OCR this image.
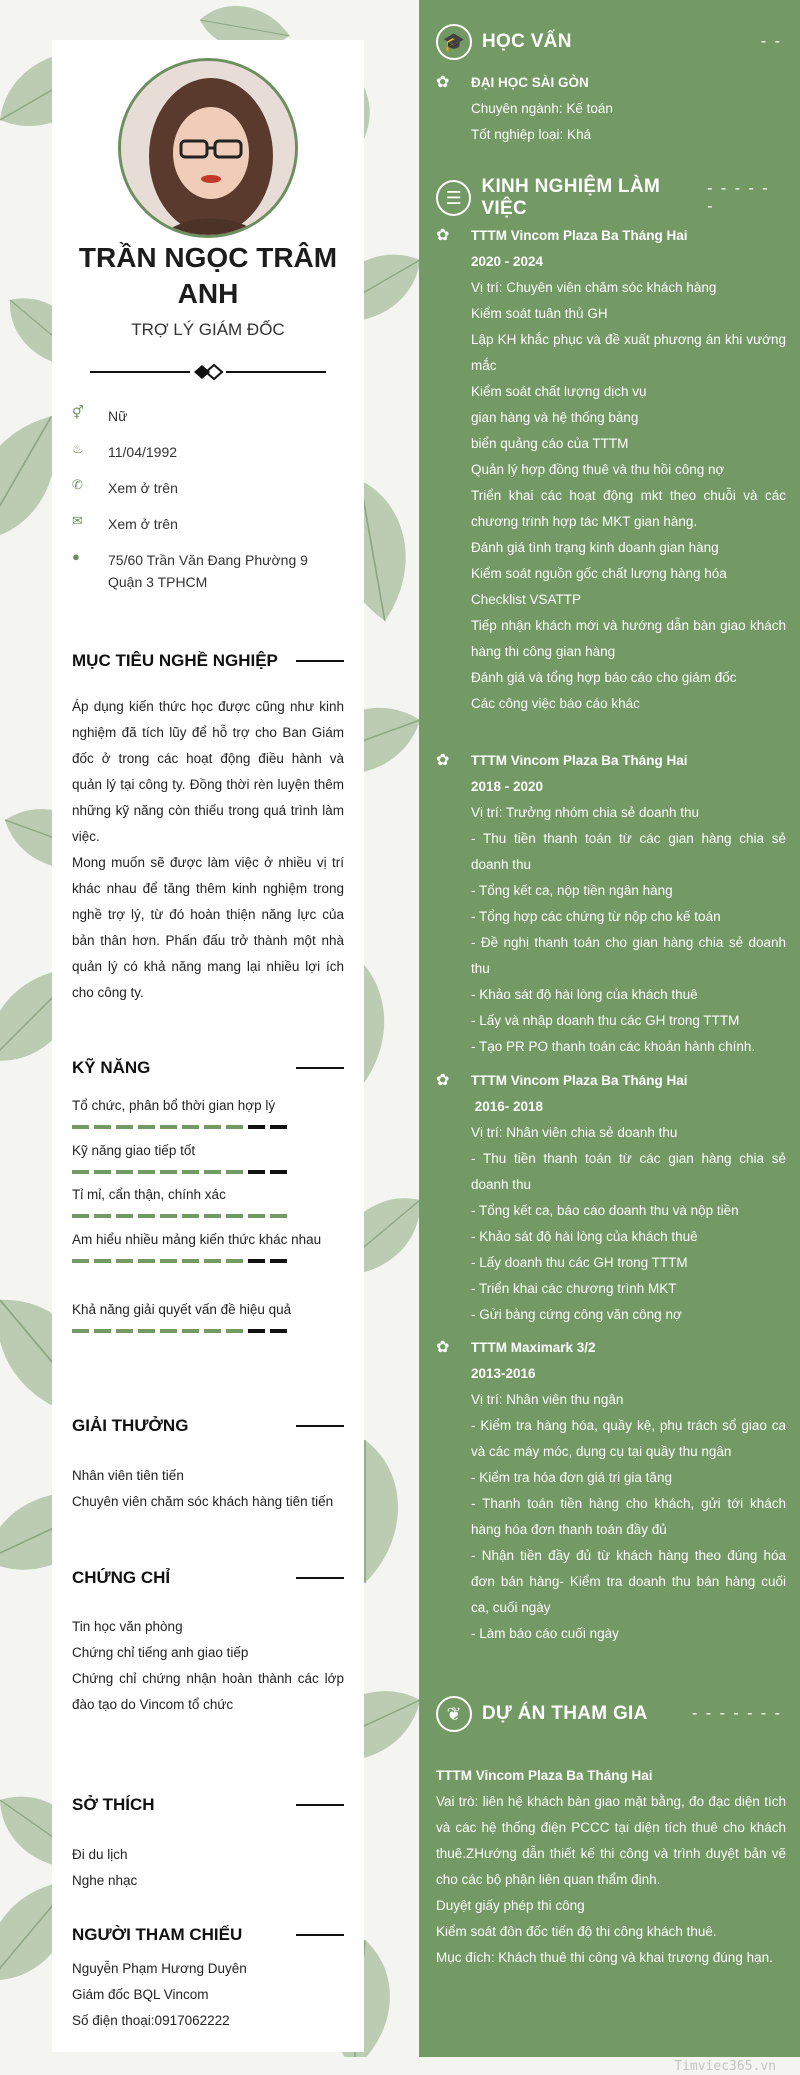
Timviec365.vn
TRẦN NGỌC TRÂM ANH
TRỢ LÝ GIÁM ĐỐC
⚥	Nữ
♨	11/04/1992
✆	Xem ở trên
✉	Xem ở trên
●	75/60 Trần Văn Đang Phường 9
Quận 3 TPHCM
MỤC TIÊU NGHỀ NGHIỆP
Áp dụng kiến thức học được cũng như kinh nghiệm đã tích lũy để hỗ trợ cho Ban Giám đốc ở trong các hoạt động điều hành và quản lý tại công ty. Đồng thời rèn luyện thêm những kỹ năng còn thiếu trong quá trình làm việc.
Mong muốn sẽ được làm việc ở nhiều vị trí khác nhau để tăng thêm kinh nghiệm trong nghề trợ lý, từ đó hoàn thiện năng lực của bản thân hơn. Phấn đấu trở thành một nhà quản lý có khả năng mang lại nhiều lợi ích cho công ty.
KỸ NĂNG
Tổ chức, phân bổ thời gian hợp lý
Kỹ năng giao tiếp tốt
Tỉ mỉ, cẩn thận, chính xác
Am hiểu nhiều mảng kiến thức khác nhau
Khả năng giải quyết vấn đề hiệu quả
GIẢI THƯỞNG
Nhân viên tiên tiến
Chuyên viên chăm sóc khách hàng tiên tiến
CHỨNG CHỈ
Tin học văn phòng
Chứng chỉ tiếng anh giao tiếp
Chứng chỉ chứng nhận hoàn thành các lớp đào tạo do Vincom tổ chức
SỞ THÍCH
Đi du lịch
Nghe nhạc
NGƯỜI THAM CHIẾU
Nguyễn Phạm Hương Duyên
Giám đốc BQL Vincom
Số điện thoại:0917062222
🎓 HỌC VẤN	- -
✿ ĐẠI HỌC SÀI GÒN
Chuyên ngành: Kế toán
Tốt nghiệp loại: Khá
☰
KINH NGHIỆM LÀM VIỆC
- - - - - -
✿ TTTM Vincom Plaza Ba Tháng Hai
2020 - 2024
Vị trí: Chuyên viên chăm sóc khách hàng
Kiểm soát tuân thủ GH
Lập KH khắc phục và đề xuất phương án khi vướng mắc
Kiểm soát chất lượng dịch vụ
gian hàng và hệ thống bảng
biển quảng cáo của TTTM
Quản lý hợp đồng thuê và thu hồi công nợ
Triển khai các hoạt động mkt theo chuỗi và các chương trình hợp tác MKT gian hàng.
Đánh giá tình trạng kinh doanh gian hàng
Kiểm soát nguồn gốc chất lượng hàng hóa
Checklist VSATTP
Tiếp nhận khách mới và hướng dẫn bàn giao khách hàng thi công gian hàng
Đánh giá và tổng hợp báo cáo cho giám đốc
Các công việc báo cáo khác
✿ TTTM Vincom Plaza Ba Tháng Hai
2018 - 2020
Vị trí: Trưởng nhóm chia sẻ doanh thu
- Thu tiền thanh toán từ các gian hàng chia sẻ doanh thu
- Tổng kết ca, nộp tiền ngân hàng
- Tổng hợp các chứng từ nộp cho kế toán
- Đề nghị thanh toán cho gian hàng chia sẻ doanh thu
- Khảo sát độ hài lòng của khách thuê
- Lấy và nhập doanh thu các GH trong TTTM
- Tạo PR PO thanh toán các khoản hành chính.
✿ TTTM Vincom Plaza Ba Tháng Hai
2016- 2018
Vị trí: Nhân viên chia sẻ doanh thu
- Thu tiền thanh toán từ các gian hàng chia sẻ doanh thu
- Tổng kết ca, báo cáo doanh thu và nộp tiền
- Khảo sát độ hài lòng của khách thuê
- Lấy doanh thu các GH trong TTTM
- Triển khai các chương trình MKT
- Gửi bảng cứng công văn công nợ
✿ TTTM Maximark 3/2
2013-2016
Vị trí: Nhân viên thu ngân
- Kiểm tra hàng hóa, quầy kệ, phụ trách sổ giao ca và các máy móc, dụng cụ tại quầy thu ngân
- Kiểm tra hóa đơn giá trị gia tăng
- Thanh toán tiền hàng cho khách, gửi tới khách hàng hóa đơn thanh toán đầy đủ
- Nhận tiền đầy đủ từ khách hàng theo đúng hóa đơn bán hàng- Kiểm tra doanh thu bán hàng cuối ca, cuối ngày
- Làm báo cáo cuối ngày
❦	DỰ ÁN THAM GIA	- - - - - - -
TTTM Vincom Plaza Ba Tháng Hai
Vai trò: liên hệ khách bàn giao mặt bằng, đo đạc diện tích và các hệ thống điện PCCC tại diện tích thuê cho khách thuê.ZHướng dẫn thiết kế thi công và trình duyệt bản vẽ cho các bộ phận liên quan thẩm định.
Duyệt giấy phép thi công
Kiểm soát đôn đốc tiến độ thi công khách thuê.
Mục đích: Khách thuê thi công và khai trương đúng hạn.
